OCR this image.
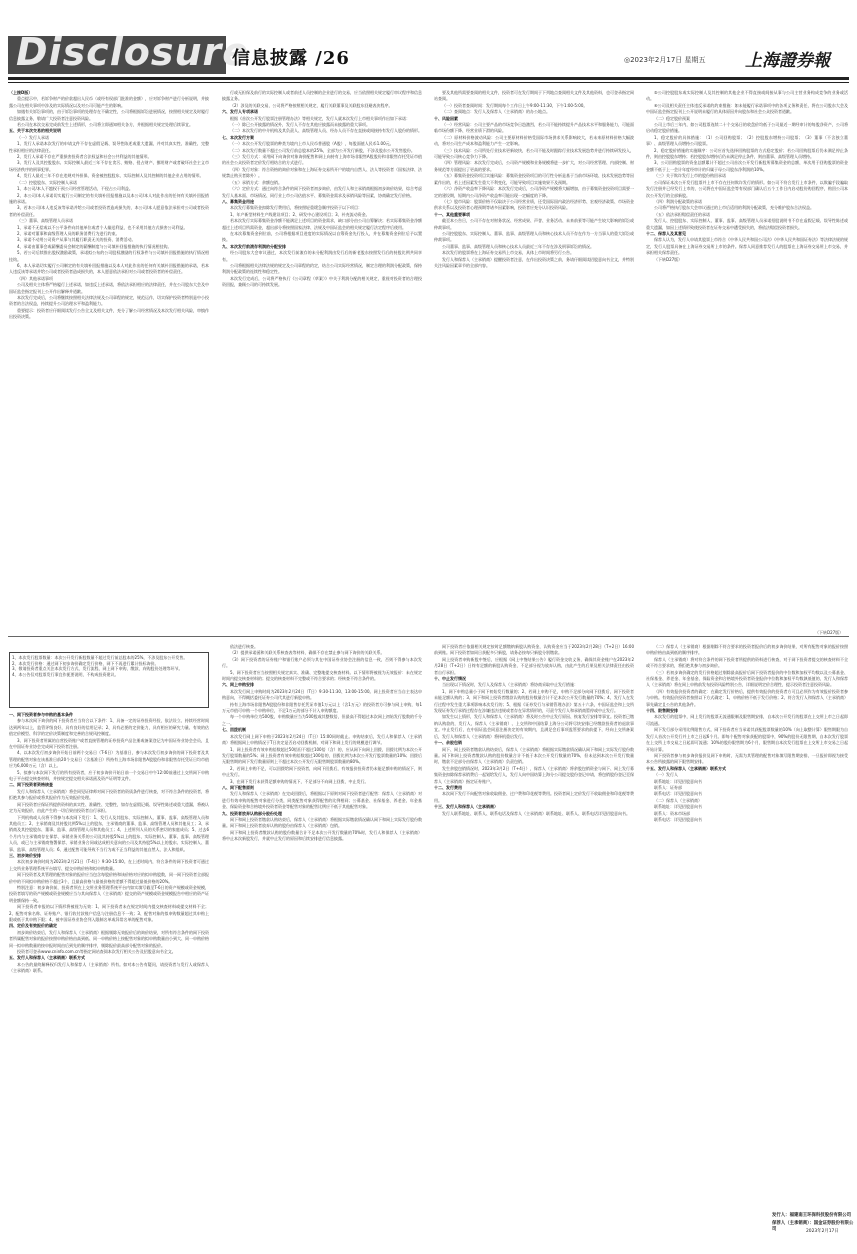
Disclosure
信息披露 /26	◎2023年2月17日 星期五 上海證券報

（上接D版）

重点提示中，若诉争财产的价款超出人民币（或经有权部门批准的金额），应对诉争财产进行分析说明，并披露公司在相关事项中涉及的实际情况以及对公司可能产生的影响。

如遇有关诉讼事项的，由于诉讼事项的处理存在不确定性，公司将根据诉讼进展情况，按照相关规定及时履行信息披露义务，敬请广大投资者注意投资风险。

若公司在本次交易完成前发生上述情形，公司将立即通知相关各方，并根据相关规定处理后续事宜。

五、关于本次交易的相关说明

（一）发行人承诺

1、发行人承诺本次发行的申请文件不存在虚假记载、误导性陈述或重大遗漏，并对其真实性、准确性、完整性承担相应的法律责任。

2、发行人承诺不存在严重损害投资者合法权益和社会公共利益的其他情形。

3、发行人及其控股股东、实际控制人最近三年不存在贪污、贿赂、侵占财产、挪用财产或者破坏社会主义市场经济秩序的刑事犯罪。

4、发行人最近三年不存在违规对外担保、资金被控股股东、实际控制人及其控制的其他企业占用的情形。

（二）控股股东、实际控制人承诺

1、本公司/本人不越权干预公司经营管理活动，不侵占公司利益。

2、本公司/本人承诺切实履行公司制定的有关填补回报措施以及本公司/本人对此作出的任何有关填补回报措施的承诺。

3、若本公司/本人违反该等承诺并给公司或者投资者造成损失的，本公司/本人愿意依法承担对公司或者投资者的补偿责任。

（三）董事、高级管理人员承诺

1、承诺不无偿或以不公平条件向其他单位或者个人输送利益，也不采用其他方式损害公司利益。

2、承诺对董事和高级管理人员的职务消费行为进行约束。

3、承诺不动用公司资产从事与其履行职责无关的投资、消费活动。

4、承诺由董事会或薪酬委员会制定的薪酬制度与公司填补回报措施的执行情况相挂钩。

5、若公司后续推出股权激励政策，承诺拟公布的公司股权激励的行权条件与公司填补回报措施的执行情况相挂钩。

6、本人承诺切实履行公司制定的有关填补回报措施以及本人对此作出的任何有关填补回报措施的承诺，若本人违反该等承诺并给公司或者投资者造成损失的，本人愿意依法承担对公司或者投资者的补偿责任。

（四）其他承诺事项

公司及相关主体将严格履行上述承诺，如违反上述承诺，将依法承担相应的法律责任，并在公司股东大会及中国证监会指定报刊上公开作出解释并道歉。

本次发行完成后，公司将继续按照相关法律法规及公司章程的规定，规范运作，切实保护投资者特别是中小投资者的合法权益，持续提升公司治理水平和盈利能力。

重要提示：投资者应仔细阅读发行公告全文及相关文件，充分了解公司经营情况及本次发行相关风险，审慎作出投资决策。

行或无担保及前行的实际控制人或者前述人员控制的企业进行的交易，应当依照相关规定履行审议程序和信息披露义务。

（2）涉及的关联交易，公司将严格按照相关规定，履行关联董事及关联股东回避表决程序。

六、发行人专项承诺

根据《首次公开发行股票注册管理办法》等相关规定，发行人就本次发行上市相关事项作出如下承诺：

（一）除已公开披露的情况外，发行人不存在其他应披露而未披露的重大事项。

（二）本次发行的中介机构及其负责人、高级管理人员、经办人员不存在直接或间接持有发行人股份的情形。

七、本次发行方案

（一）本次公开发行股票的种类为境内上市人民币普通股（A股），每股面值人民币1.00元。

（二）本次发行数量不超过公司发行前总股本的25%，全部为公开发行新股，不涉及股东公开发售股份。

（三）发行方式：采用网下向询价对象询价配售和网上向持有上海市场非限售A股股份和非限售存托凭证市值的社会公众投资者定价发行相结合的方式进行。

（四）发行对象：符合资格的询价对象和在上海证券交易所开户的境内自然人、法人等投资者（国家法律、法规禁止购买者除外）。

（五）承销方式：余额包销。

（六）定价方式：通过向符合条件的网下投资者初步询价，由发行人和主承销商根据初步询价结果，综合考虑发行人基本面、市场情况、同行业上市公司估值水平、募集资金需求及承销风险等因素，协商确定发行价格。

八、募集资金用途

本次发行募集资金扣除发行费用后，将按照轻重缓急顺序投资于以下项目：

1、年产新型材料生产线建设项目；2、研发中心建设项目；3、补充流动资金。

若本次发行实际募集资金净额不能满足上述项目的资金需求，缺口部分由公司自筹解决；若实际募集资金净额超过上述项目所需资金，超出部分将按照国家法律、法规及中国证监会的相关规定履行法定程序后使用。

在本次募集资金到位前，公司将根据项目进度的实际情况以自筹资金先行投入，并在募集资金到位后予以置换。

九、本次发行前滚存利润的分配安排

经公司股东大会审议通过，本次发行前滚存的未分配利润由发行后的新老股东按照发行后的持股比例共同享有。

公司将根据相关法律法规的规定及公司章程的约定，结合公司实际经营情况，制定合理的利润分配政策，保持利润分配政策的连续性和稳定性。

本次发行完成后，公司将严格执行《公司章程（草案）》中关于利润分配的相关规定，重视对投资者的合理投资回报，兼顾公司的可持续发展。

要及其他所需要查阅的相关文件，投资者可在发行期间于下列地点查阅相关文件及其他资料，也可登录指定网站查阅。

（一）投资者查阅时间：发行期间每个工作日上午9:00-11:30，下午1:00-5:00。

（二）查阅地点：发行人及保荐人（主承销商）的办公地点。

十、风险因素

（一）经营风险：公司主要产品的市场竞争日趋激烈，若公司不能持续提升产品技术水平和服务能力，可能面临市场份额下降、经营业绩下滑的风险。

（二）原材料价格波动风险：公司主要原材料价格受国际市场供求关系影响较大，若未来原材料价格大幅波动，将对公司生产成本和盈利能力产生一定影响。

（三）技术风险：公司所处行业技术更新较快，若公司不能及时跟踪行业技术发展趋势并进行持续研发投入，可能导致公司核心竞争力下降。

（四）管理风险：本次发行完成后，公司资产规模和业务规模将进一步扩大，对公司经营管理、内部控制、财务规范等方面提出了更高的要求。

（五）募集资金投资项目实施风险：募集资金投资项目的可行性分析是基于当前市场环境、技术发展趋势等因素作出的，若上述因素发生重大不利变化，可能导致项目实施效果不及预期。

（六）净资产收益率下降风险：本次发行完成后，公司净资产规模将大幅增加，由于募集资金投资项目需要一定的建设期，短期内公司净资产收益率可能出现一定幅度的下降。

（七）股市风险：股票价格不仅取决于公司经营业绩，还受国际国内政治经济形势、宏观经济政策、市场资金供求关系以及投资者心理预期等诸多因素影响，投资者应充分认识投资风险。

十一、其他重要事项

截至本公告日，公司不存在对财务状况、经营成果、声誉、业务活动、未来前景等可能产生较大影响的诉讼或仲裁事项。

公司控股股东、实际控制人、董事、监事、高级管理人员和核心技术人员不存在作为一方当事人的重大诉讼或仲裁事项。

公司董事、监事、高级管理人员和核心技术人员最近三年不存在涉及刑事诉讼的情况。

本次发行的股票将在上海证券交易所上市交易，具体上市时间将另行公告。

发行人和保荐人（主承销商）提醒投资者注意，在作出投资决策之前，务请仔细阅读招股意向书全文，并特别关注风险因素章节的全部内容。

⑤公司控股股东或实际控制人及其控制的其他企业不得直接或间接从事与公司主营业务构成竞争的业务或活动。

⑥公司及相关责任主体违反承诺的约束措施：如未能履行承诺事项中的各项义务和责任，将在公司股东大会及中国证监会指定报刊上公开说明未履行的具体原因并向股东和社会公众投资者道歉。

（二）稳定股价预案

公司上市后三年内，如公司股票连续二十个交易日的收盘价均低于公司最近一期经审计的每股净资产，公司将启动稳定股价措施。

1、稳定股价的具体措施：（1）公司回购股票；（2）控股股东增持公司股票；（3）董事（不含独立董事）、高级管理人员增持公司股票。

2、稳定股价措施的实施顺序：公司应首先选择回购股票的方式稳定股价；若公司回购股票后仍未满足停止条件，则由控股股东增持；若控股股东增持后仍未满足停止条件，则由董事、高级管理人员增持。

3、公司回购股票的资金总额累计不超过公司首次公开发行新股所募集资金的总额，单次用于回购股票的资金金额不低于上一会计年度经审计的归属于母公司股东净利润的10%。

（三）关于欺诈发行上市的股份购回承诺

公司保证本次公开发行股票并上市不存在任何欺诈发行的情形。如公司不符合发行上市条件，以欺骗手段骗取发行注册并已经发行上市的，公司将在中国证监会等有权部门确认后五个工作日内启动股份购回程序，购回公司本次公开发行的全部新股。

（四）利润分配政策的承诺

公司将严格执行股东大会审议通过的上市后适用的利润分配政策，充分维护股东合法权益。

（五）依法承担赔偿责任的承诺

发行人、控股股东、实际控制人、董事、监事、高级管理人员承诺招股说明书不存在虚假记载、误导性陈述或重大遗漏，如因上述情形致使投资者在证券交易中遭受损失的，将依法赔偿投资者损失。

十二、保荐人及其意见

保荐人认为，发行人申请其股票上市符合《中华人民共和国公司法》《中华人民共和国证券法》等法律法规的规定，发行人股票具备在上海证券交易所上市的条件。保荐人同意推荐发行人的股票在上海证券交易所上市交易，并承担相关保荐责任。

（下转D27版）

（下转D27版）
1、本次发行股票数量：本次公开发行新股数量不超过发行前总股本的25%，不涉及股东公开发售。
2、本次发行价格：通过网下初步询价确定发行价格，网下不再进行累计投标询价。
3、敬请投资者重点关注本次发行方式、发行流程、网上网下申购、缴款、弃购股份处理等环节。
4、本公告仅对股票发行事宜作扼要说明，不构成投资建议。

一、网下投资者参与申购的基本条件

参与本次网下询价的网下投资者应当符合以下条件：1、具备一定的证券投资经验，依法设立、持续经营时间达到两年以上，监管评级良好，具有良好的信用记录；2、具有必要的定价能力，具有相应的研究力量、有效的估值定价模型、科学的定价决策制度和完善的合规风控制度。

3、网下投资者所属的自营投资账户或者直接管理的证券投资产品注册或备案登记为中国证券业协会会员，且在中国证券业协会完成网下投资者注册。

4、以本次发行初步询价开始日前两个交易日（T-6日）为基准日，参与本次发行初步询价的网下投资者及其管理的配售对象在该基准日前20个交易日（含基准日）所持有上海市场非限售A股股份和非限售存托凭证日均市值应为6,000万元（含）以上。

5、拟参与本次网下发行的所有投资者，应于初步询价开始日前一个交易日中午12:00前通过上交所网下申购电子平台提交核查材料，并按规定提交相关承诺函及资产证明等文件。

二、网下投资者资格核查

发行人和保荐人（主承销商）将会同见证律师对网下投资者的资质条件进行核查，对不符合条件的投资者，将拒绝其参与报价或将其报价作为无效报价处理。

网下投资者应保证所提供资料的真实性、准确性、完整性，如存在虚假记载、误导性陈述或重大遗漏，将被认定为无效报价，由此产生的一切后果由投资者自行承担。

下列机构或人员将不得参与本次网下发行：1、发行人及其股东、实际控制人、董事、监事、高级管理人员和其他员工；2、主承销商及其持股比例5%以上的股东，主承销商的董事、监事、高级管理人员和其他员工；3、承销商及其控股股东、董事、监事、高级管理人员和其他员工；4、上述所列人员的关系密切的家庭成员；5、过去6个月内与主承销商存在保荐、承销业务关系的公司及其持股5%以上的股东、实际控制人、董事、监事、高级管理人员，或已与主承销商签署保荐、承销业务合同或达成相关意向的公司及其持股5%以上的股东、实际控制人、董事、监事、高级管理人员；6、通过配售可能导致不当行为或不正当利益的其他自然人、法人和组织。

三、初步询价安排

本次初步询价时间为2023年2月21日（T-4日）9:30-15:00。在上述时间内，符合条件的网下投资者可通过上交所业务管理系统平台填写、提交申购价格和拟申购数量。

网下投资者及其管理的配售对象的报价应当包含每股价格和该价格对应的拟申购股数，同一网下投资者全部报价中的不同拟申购价格不超过3个，且最高价格与最低价格的差额不得超过最低价格的20%。

特别注意：初步询价前，投资者须在上交所业务管理系统平台内如实填写截至T-6日的资产规模或资金规模，投资者填写的资产规模或资金规模应当与其向保荐人（主承销商）提交的资产规模或资金规模报告中相应的资产证明金额保持一致。

网下投资者申报的以下情形将被视为无效：1、网下投资者未在规定时间内提交核查材料或提交材料不全；2、配售对象名称、证券账户、银行收付款账户信息与注册信息不一致；3、配售对象的拟申购数量超过其申购上限或低于其申购下限；4、被中国证券业协会列入限制名单或异常名单的配售对象。

四、定价及有效报价的确定

初步询价结束后，发行人和保荐人（主承销商）根据剔除无效报价后的询价结果，对所有符合条件的网下投资者所属配售对象的报价按照申购价格由高到低、同一申购价格上按配售对象的拟申购数量由小到大、同一申购价格同一拟申购数量的按申报时间由后到先的顺序排序，剔除报价最高部分配售对象的报价。

投资者可登录www.cninfo.com.cn等指定网站查阅本次发行相关公告及招股意向书全文。

五、发行人和保荐人（主承销商）联系方式

本公告的最终解释权归发行人和保荐人（主承销商）所有。如对本公告有疑问，请投资者与发行人或保荐人（主承销商）联系。

依法进行核查。

（2）提供承诺函和关联关系核查表等材料，确保不存在禁止参与网下询价的关联关系。

（3）网下投资者的证券账户和银行账户必须与其在中国证券业协会注册的信息一致，否则不得参与本次发行。

5、网下投资者应当按照相关规定真实、准确、完整地提交核查材料。以下情形将被视为无效报价：未在规定时间内提交核查材料的；提交的核查材料不完整或不符合要求的；经核查不符合条件的。

六、网上申购安排

本次发行网上申购时间为2023年2月24日（T日）9:30-11:30、13:00-15:00。网上投资者应当自主表达申购意向，不得概括委托证券公司代其进行新股申购。

持有上海市场非限售A股股份和非限售存托凭证市值1万元以上（含1万元）的投资者方可参与网上申购，每1万元市值可申购一个申购单位，不足1万元的部分不计入申购额度。

每一个申购单位为500股，申购数量应当为500股或其整数倍，但最高不得超过本次网上初始发行股数的千分之一。

七、回拨机制

本次发行网上网下申购于2023年2月24日（T日）15:00同时截止。申购结束后，发行人和保荐人（主承销商）将根据网上申购情况于T日决定是否启动回拨机制，对网下和网上发行的规模进行调节。

1、网上投资者有效申购倍数超过50倍但不超过100倍（含）的，应从网下向网上回拨，回拨比例为本次公开发行股票数量的5%；网上投资者有效申购倍数超过100倍的，回拨比例为本次公开发行股票数量的10%；回拨后无限售期的网下发行数量原则上不超过本次公开发行无限售期股票数量的80%。

2、若网上申购不足，可以回拨给网下投资者，向网下回拨后，有效报价投资者仍未能足额申购的情况下，则中止发行。

3、在网下发行未获得足额申购的情况下，不足部分不向网上回拨，中止发行。

八、网下配售原则

发行人和保荐人（主承销商）在完成回拨后，将根据以下原则对网下投资者进行配售：保荐人（主承销商）对进行有效申购的配售对象进行分类，同类配售对象获得配售的比例相同；公募基金、社保基金、养老金、年金基金、保险资金和合格境外投资者资金等配售对象的配售比例应不低于其他配售对象。

九、投资者放弃认购部分股份处理

网下和网上投资者缴款认购结束后，保荐人（主承销商）将根据实际缴款情况确认网下和网上实际发行股份数量。网下和网上投资者放弃认购的股份由保荐人（主承销商）包销。

网下和网上投资者缴款认购的股份数量合计不足本次公开发行数量的70%时，发行人和保荐人（主承销商）将中止本次新股发行，并就中止发行的原因和后续安排进行信息披露。

网下投资者应依据相关规定按时足额缴纳新股认购资金，认购资金应当于2023年2月28日（T+2日）16:00前到账。网下投资者如同日获配多只新股，请务必按每只新股分别缴款。

网上投资者申购新股中签后，应根据《网上中签结果公告》履行资金交收义务，确保其资金账户在2023年2月28日（T+2日）日终有足额的新股认购资金，不足部分视为放弃认购，由此产生的后果及相关法律责任由投资者自行承担。

十、中止发行情况

当出现以下情况时，发行人及保荐人（主承销商）将协商采取中止发行措施：

1、网下申购总量小于网下初始发行数量的；2、若网上申购不足，申购不足部分向网下回拨后，网下投资者未能足额认购的；3、网下和网上投资者缴款认购的股份数量合计不足本次公开发行数量的70%；4、发行人在发行过程中发生重大事项影响本次发行的；5、根据《证券发行与承销管理办法》第五十六条，中国证监会和上交所发现证券发行承销过程存在涉嫌违法违规或者存在异常情形的，可责令发行人和承销商暂停或中止发行。

如发生以上情形，发行人和保荐人（主承销商）将及时公告中止发行原因、恢复发行安排等事宜。投资者已缴纳认购款的，发行人、保荐人（主承销商）、上交所和中国结算上海分公司将尽快安排已经缴款投资者的退款事宜。中止发行后，在中国证监会同意注册决定的有效期内，且满足会后事项监管要求的前提下，经向上交所备案后，发行人和保荐人（主承销商）将择机重启发行。

十一、余股包销

网下、网上投资者缴款认购结束后，保荐人（主承销商）将根据实际缴款情况确认网下和网上实际发行股份数量。网下和网上投资者缴款认购的股份数量合计不低于本次公开发行数量的70%，但未达到本次公开发行数量时，缴款不足部分由保荐人（主承销商）负责包销。

发生余股包销情况时，2023年3月2日（T+4日），保荐人（主承销商）将余股包销资金与网下、网上发行募集资金扣除保荐承销费后一起划给发行人，发行人向中国结算上海分公司提交股份登记申请，将包销股份登记至保荐人（主承销商）指定证券账户。

十二、发行费用

本次网下发行不向配售对象收取佣金、过户费和印花税等费用。投资者网上定价发行不收取佣金和印花税等费用。

十三、发行人和保荐人（主承销商）

发行人联系地址、联系人、联系电话及保荐人（主承销商）联系地址、联系人、联系电话详见招股意向书。

（二）保荐人（主承销商）根据剔除不符合要求的投资者报价后的初步询价结果，对所有配售对象的报价按照申购价格由高到低的顺序排序。

保荐人（主承销商）将对符合条件的网下投资者所提供的资料进行核查，对于网下投资者提交的核查材料不全或不符合要求的，将拒绝其参与初步询价。

（三）若初步询价确定的发行价格超过剔除最高报价后网下投资者报价的中位数和加权平均数以及公募基金、社保基金、养老金、年金基金、保险资金和合格境外投资者资金报价中位数和加权平均数孰低值的，发行人和保荐人（主承销商）将在网上申购前发布投资风险特别公告，详细说明定价合理性，提示投资者注意投资风险。

（四）有效报价投资者的确定：在确定发行价格后，提供有效报价的投资者方可且必须作为有效报价投资者参与申购。有效报价投资者按照以下方式确定：1、申购价格不低于发行价格；2、符合发行人和保荐人（主承销商）事先确定且公告的其他条件。

十四、限售期安排

本次发行的股票中，网上发行的股票无流通限制及限售期安排，自本次公开发行的股票在上交所上市之日起即可流通。

网下发行部分采用比例限售方式，网下投资者应当承诺其获配股票数量的10%（向上取整计算）限售期限为自发行人首次公开发行并上市之日起6个月。即每个配售对象获配的股票中，90%的股份无限售期，自本次发行股票在上交所上市交易之日起即可流通；10%的股份限售期为6个月，限售期自本次发行股票在上交所上市交易之日起开始计算。

网下投资者参与初步询价报价及网下申购时，无需为其管理的配售对象填写限售期安排，一旦报价即视为接受本公告所披露的网下限售期安排。

十五、发行人和保荐人（主承销商）联系方式

（一）发行人

联系地址：详见招股意向书

联系人：证券部

联系电话：详见招股意向书

（二）保荐人（主承销商）

联系地址：详见招股意向书

联系人：资本市场部

联系电话：详见招股意向书

发行人：福建南王环保科技股份有限公司
保荐人（主承销商）：国金证券股份有限公司	2023年2月17日
